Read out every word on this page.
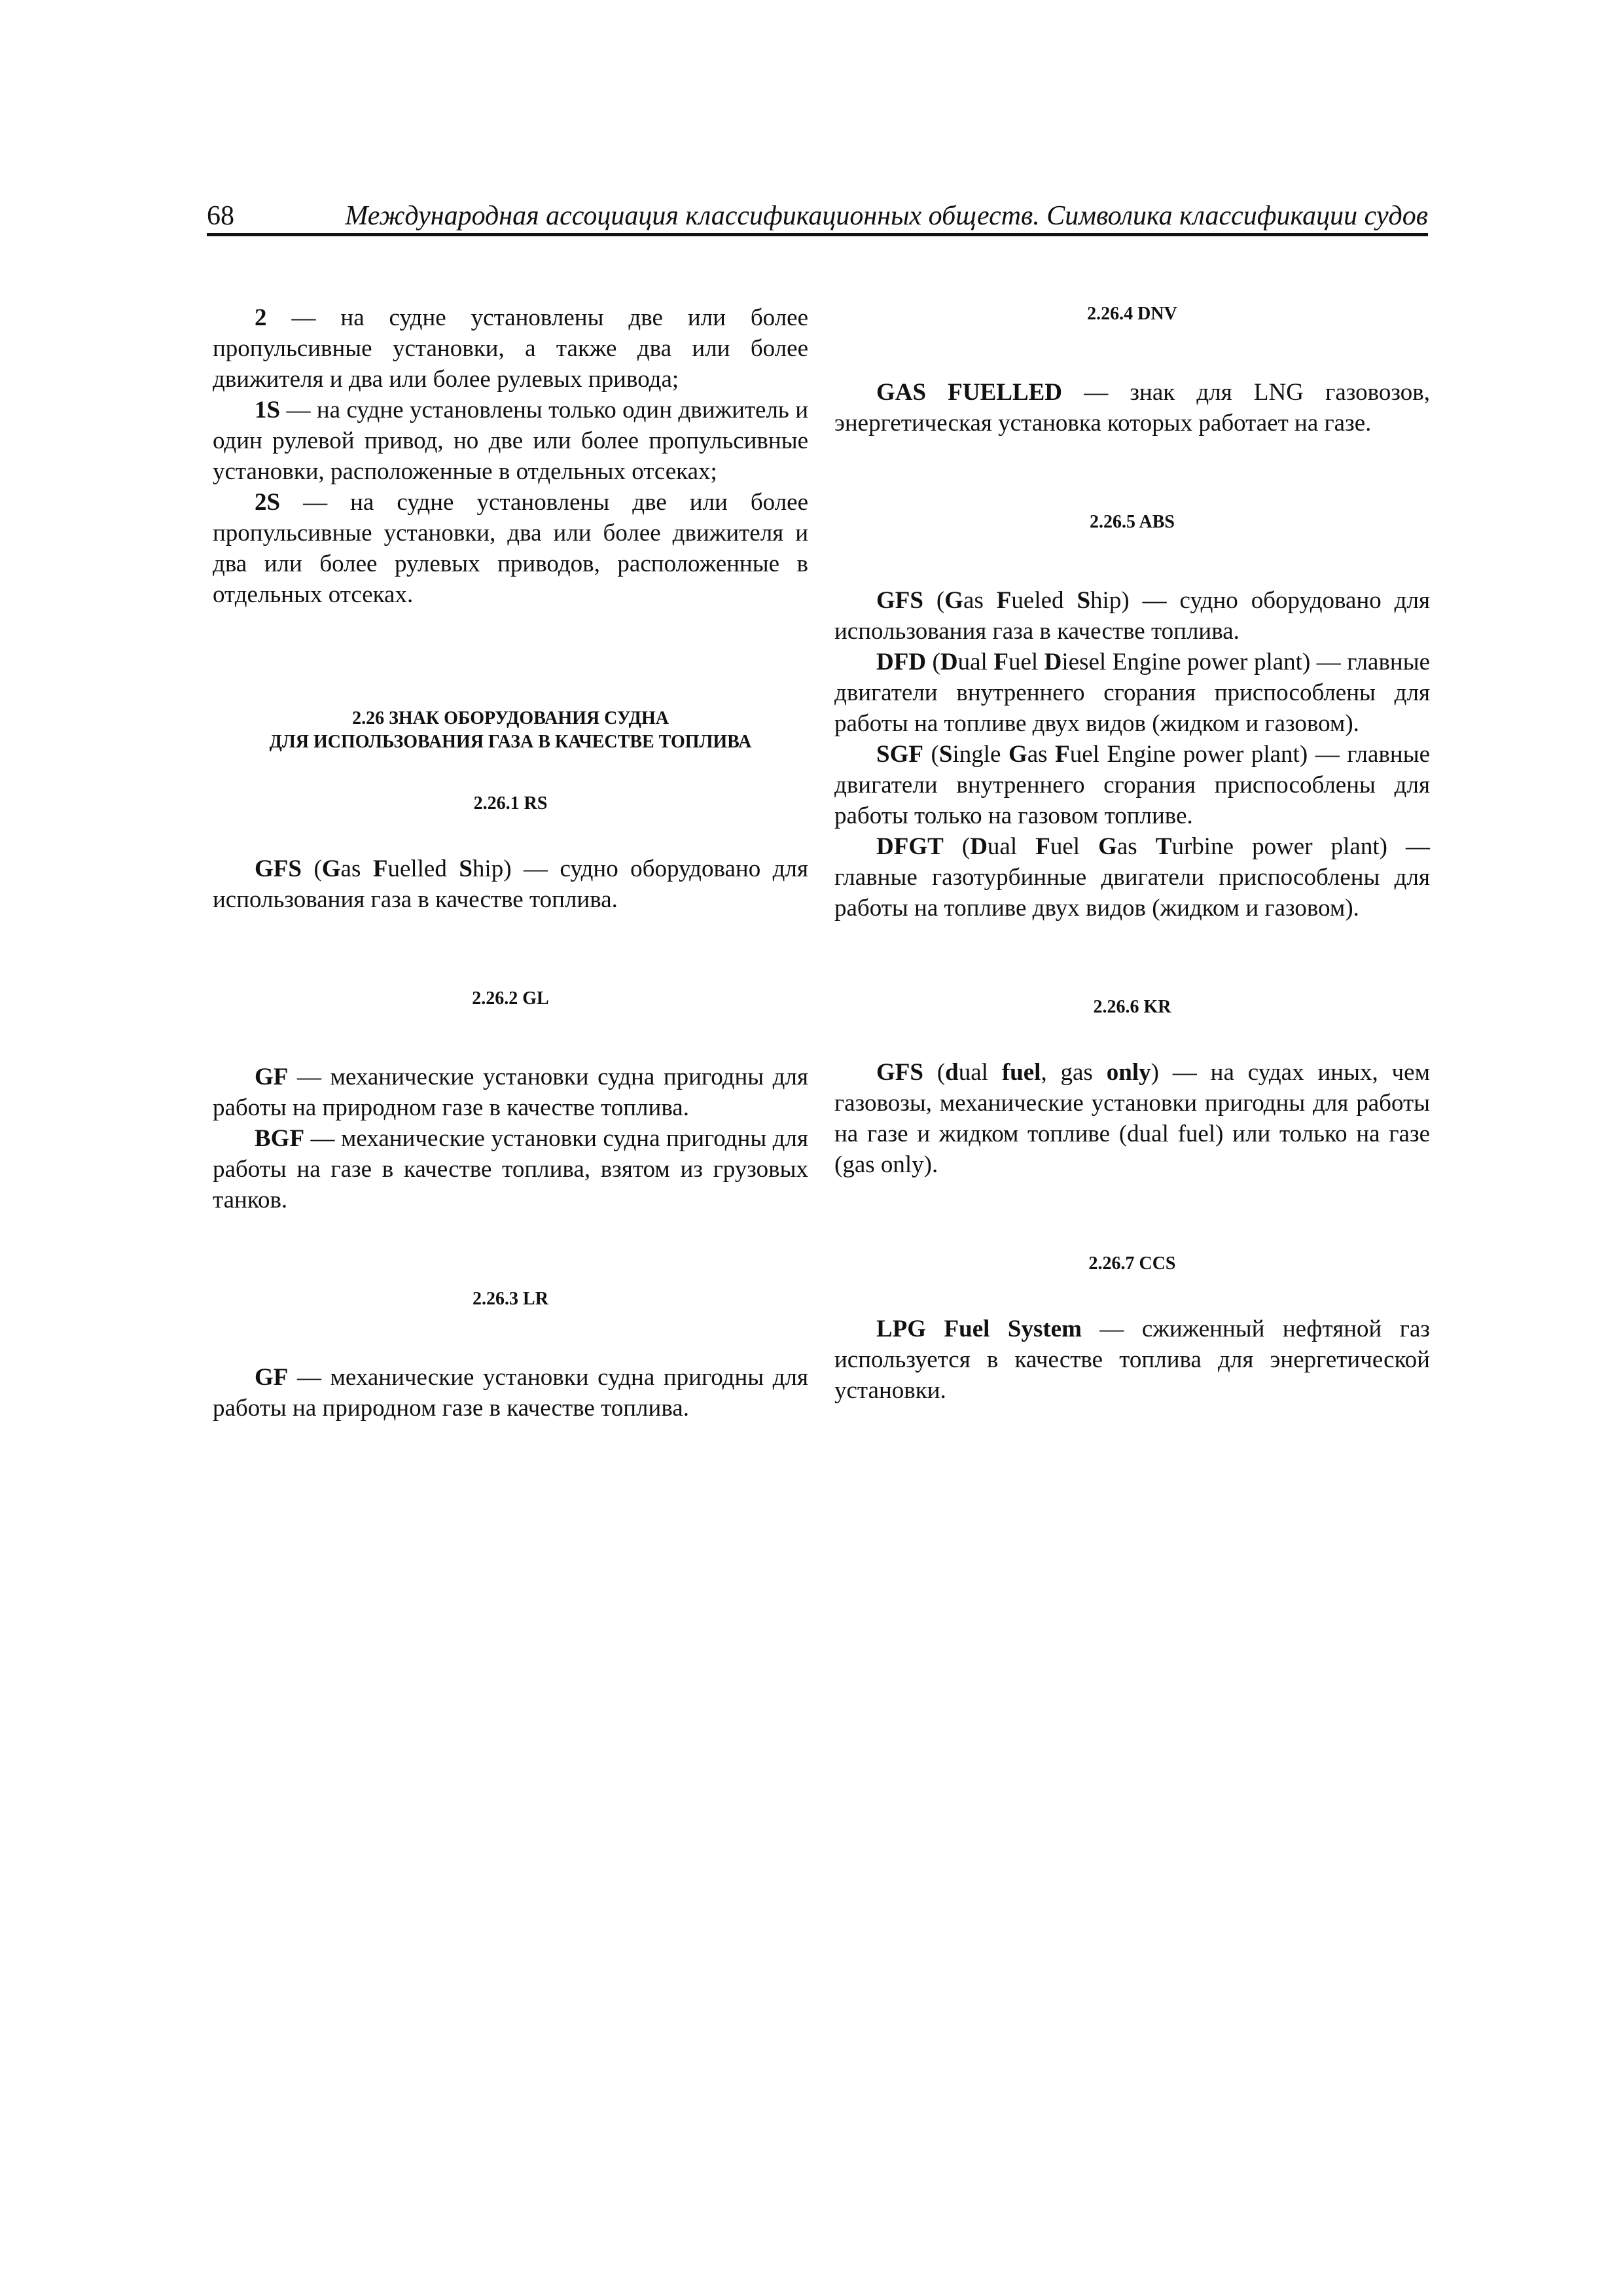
68	Международная ассоциация классификационных обществ. Символика классификации судов

2 — на судне установлены две или более пропульсивные установки, а также два или более движителя и два или более рулевых привода;

1S — на судне установлены только один движитель и один рулевой привод, но две или более пропульсивные установки, расположенные в отдельных отсеках;

2S — на судне установлены две или более пропульсивные установки, два или более движителя и два или более рулевых приводов, расположенные в отдельных отсеках.

2.26 ЗНАК ОБОРУДОВАНИЯ СУДНА
ДЛЯ ИСПОЛЬЗОВАНИЯ ГАЗА В КАЧЕСТВЕ ТОПЛИВА

2.26.1 RS

GFS (Gas Fuelled Ship) — судно оборудовано для использования газа в качестве топлива.

2.26.2 GL

GF — механические установки судна пригодны для работы на природном газе в качестве топлива.

BGF — механические установки судна пригодны для работы на газе в качестве топлива, взятом из грузовых танков.

2.26.3 LR

GF — механические установки судна пригодны для работы на природном газе в качестве топлива.

2.26.4 DNV

GAS FUELLED — знак для LNG газовозов, энергетическая установка которых работает на газе.

2.26.5 ABS

GFS (Gas Fueled Ship) — судно оборудовано для использования газа в качестве топлива.

DFD (Dual Fuel Diesel Engine power plant) — главные двигатели внутреннего сгорания приспособлены для работы на топливе двух видов (жидком и газовом).

SGF (Single Gas Fuel Engine power plant) — главные двигатели внутреннего сгорания приспособлены для работы только на газовом топливе.

DFGT (Dual Fuel Gas Turbine power plant) — главные газотурбинные двигатели приспособлены для работы на топливе двух видов (жидком и газовом).

2.26.6 KR

GFS (dual fuel, gas only) — на судах иных, чем газовозы, механические установки пригодны для работы на газе и жидком топливе (dual fuel) или только на газе (gas only).

2.26.7 CCS

LPG Fuel System — сжиженный нефтяной газ используется в качестве топлива для энергетической установки.
